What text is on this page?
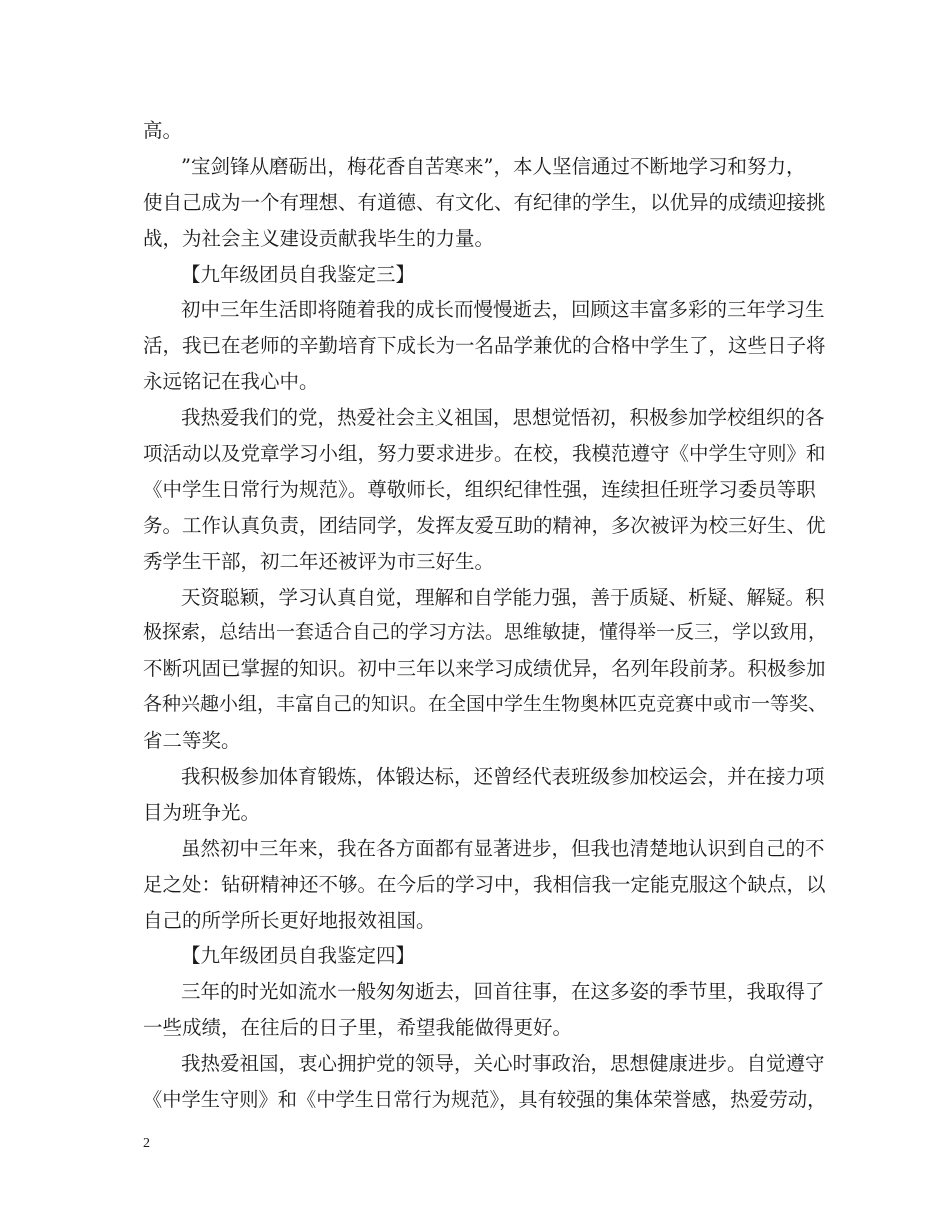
高。
”宝剑锋从磨砺出，梅花香自苦寒来”，本人坚信通过不断地学习和努力，
使自己成为一个有理想、有道德、有文化、有纪律的学生，以优异的成绩迎接挑
战，为社会主义建设贡献我毕生的力量。
【九年级团员自我鉴定三】
初中三年生活即将随着我的成长而慢慢逝去，回顾这丰富多彩的三年学习生
活，我已在老师的辛勤培育下成长为一名品学兼优的合格中学生了，这些日子将
永远铭记在我心中。
我热爱我们的党，热爱社会主义祖国，思想觉悟初，积极参加学校组织的各
项活动以及党章学习小组，努力要求进步。在校，我模范遵守《中学生守则》和
《中学生日常行为规范》。尊敬师长，组织纪律性强，连续担任班学习委员等职
务。工作认真负责，团结同学，发挥友爱互助的精神，多次被评为校三好生、优
秀学生干部，初二年还被评为市三好生。
天资聪颖，学习认真自觉，理解和自学能力强，善于质疑、析疑、解疑。积
极探索，总结出一套适合自己的学习方法。思维敏捷，懂得举一反三，学以致用，
不断巩固已掌握的知识。初中三年以来学习成绩优异，名列年段前茅。积极参加
各种兴趣小组，丰富自己的知识。在全国中学生生物奥林匹克竞赛中或市一等奖、
省二等奖。
我积极参加体育锻炼，体锻达标，还曾经代表班级参加校运会，并在接力项
目为班争光。
虽然初中三年来，我在各方面都有显著进步，但我也清楚地认识到自己的不
足之处：钻研精神还不够。在今后的学习中，我相信我一定能克服这个缺点，以
自己的所学所长更好地报效祖国。
【九年级团员自我鉴定四】
三年的时光如流水一般匆匆逝去，回首往事，在这多姿的季节里，我取得了
一些成绩，在往后的日子里，希望我能做得更好。
我热爱祖国，衷心拥护党的领导，关心时事政治，思想健康进步。自觉遵守
《中学生守则》和《中学生日常行为规范》，具有较强的集体荣誉感，热爱劳动，
2
